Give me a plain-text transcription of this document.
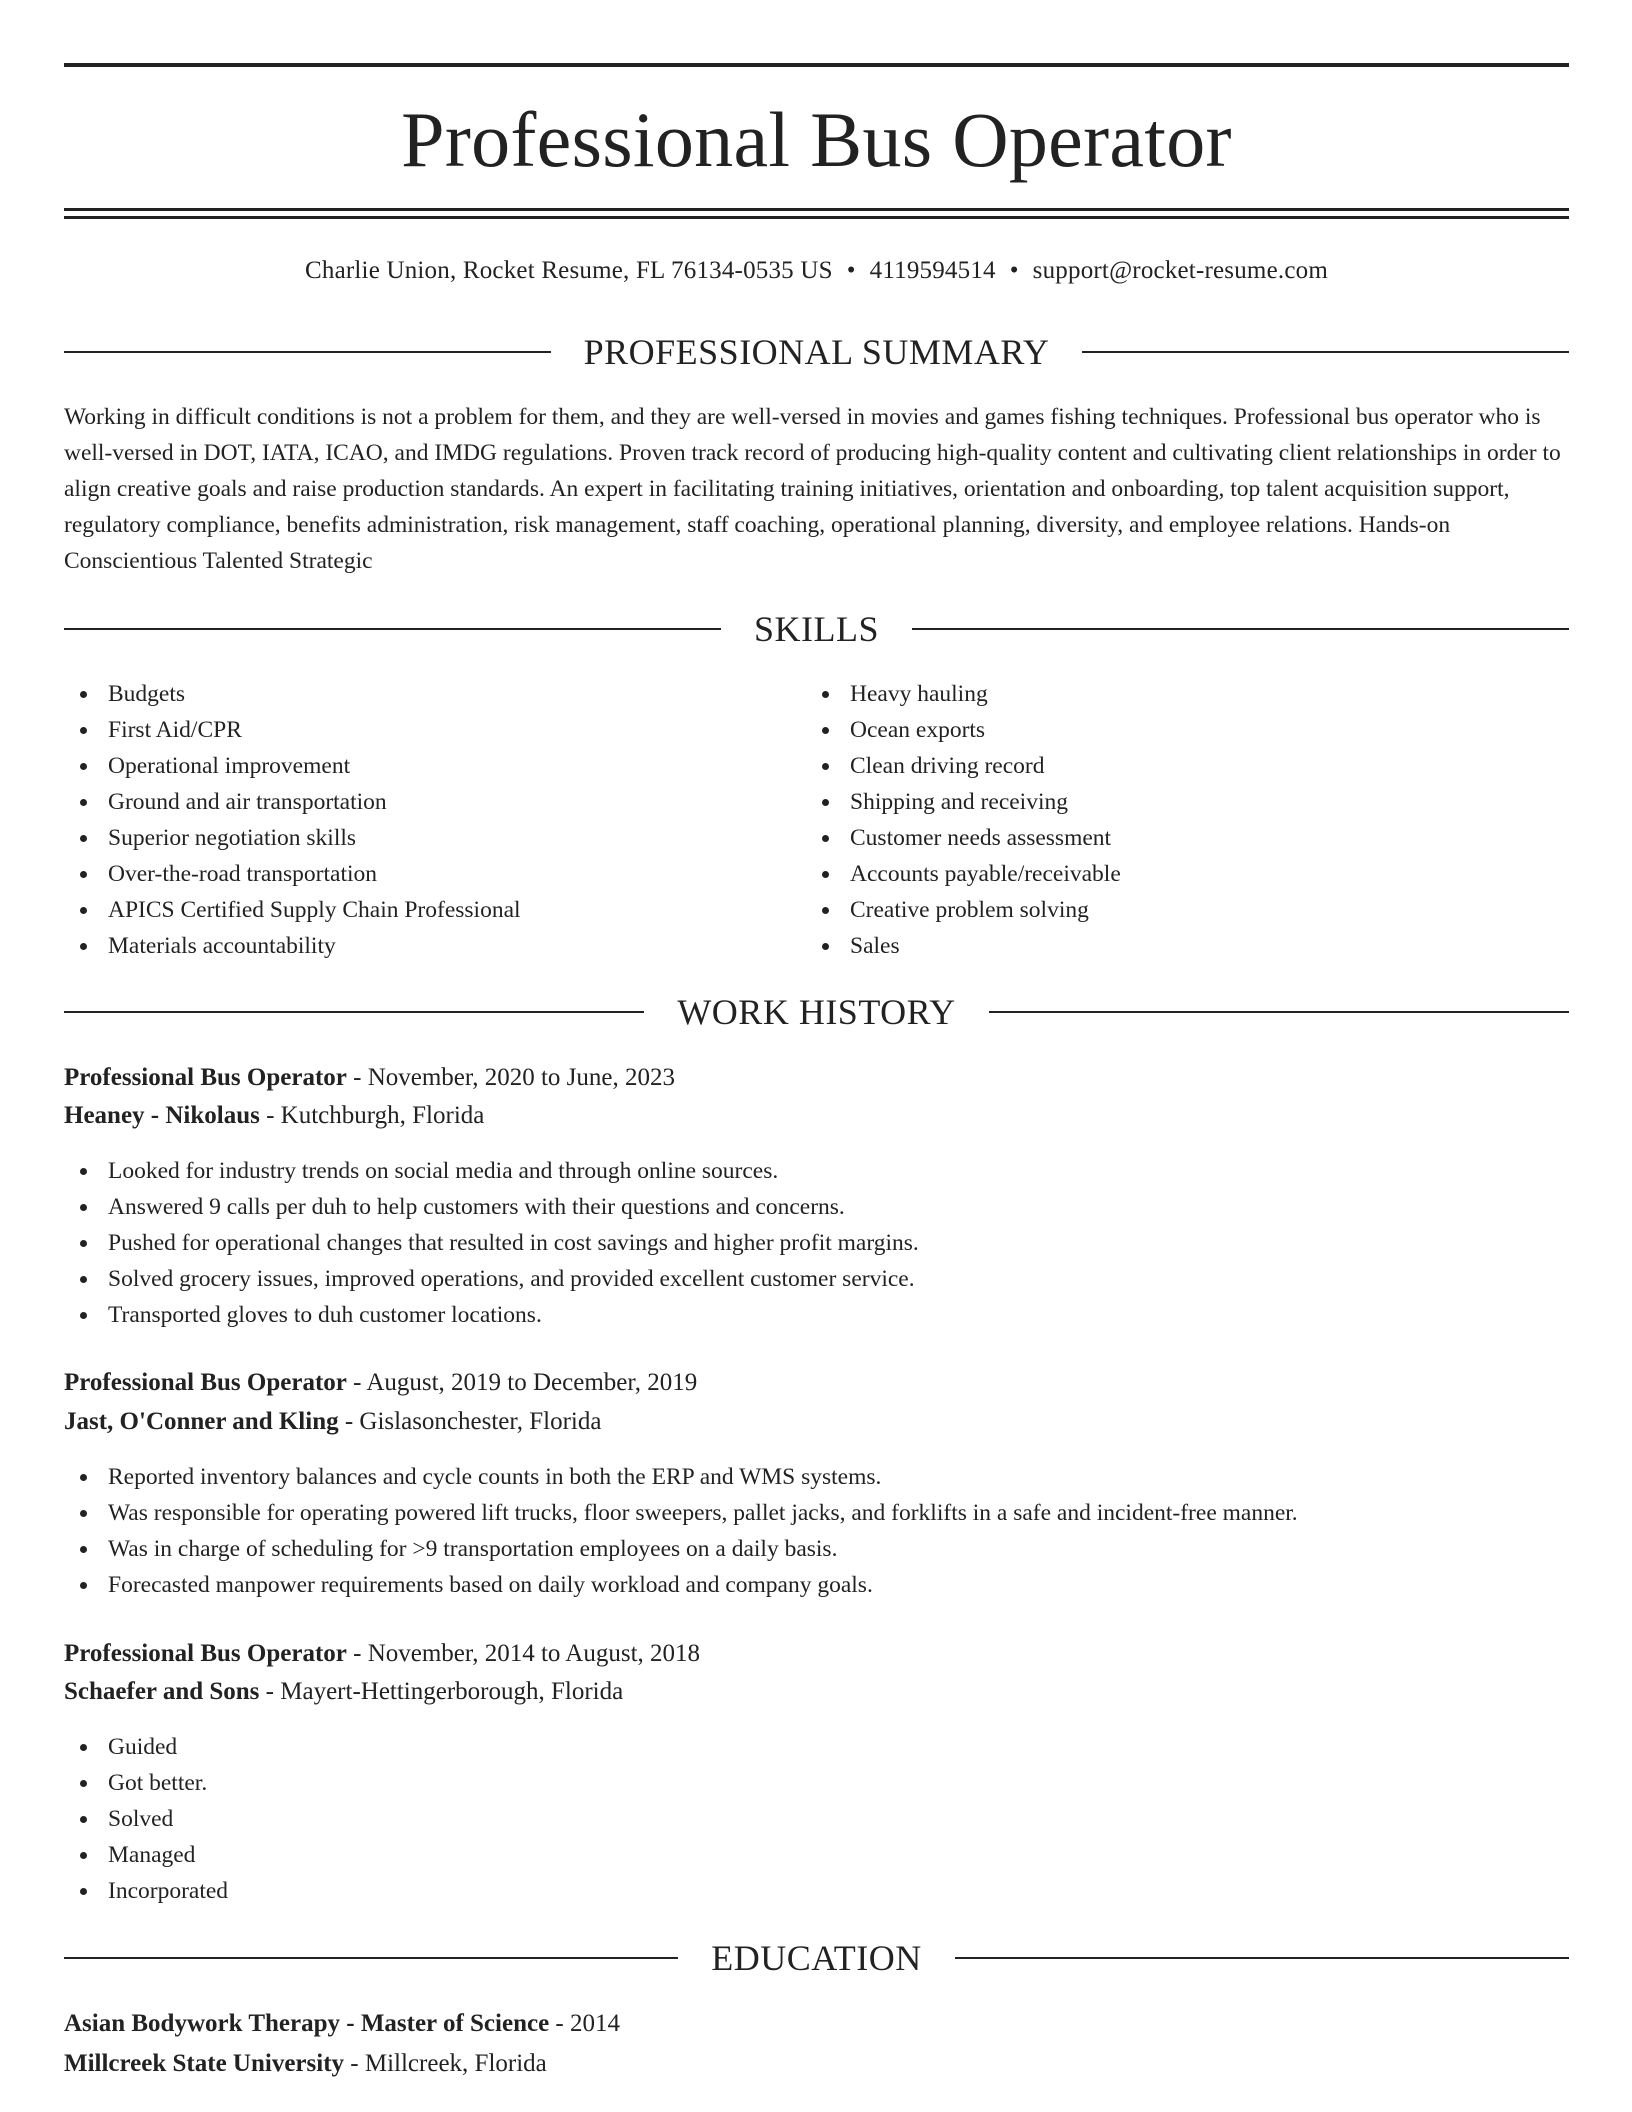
Professional Bus Operator
Charlie Union, Rocket Resume, FL 76134-0535 US • 4119594514 • support@rocket-resume.com
PROFESSIONAL SUMMARY
Working in difficult conditions is not a problem for them, and they are well-versed in movies and games fishing techniques. Professional bus operator who is well-versed in DOT, IATA, ICAO, and IMDG regulations. Proven track record of producing high-quality content and cultivating client relationships in order to align creative goals and raise production standards. An expert in facilitating training initiatives, orientation and onboarding, top talent acquisition support, regulatory compliance, benefits administration, risk management, staff coaching, operational planning, diversity, and employee relations. Hands-on Conscientious Talented Strategic
SKILLS
Budgets
First Aid/CPR
Operational improvement
Ground and air transportation
Superior negotiation skills
Over-the-road transportation
APICS Certified Supply Chain Professional
Materials accountability
Heavy hauling
Ocean exports
Clean driving record
Shipping and receiving
Customer needs assessment
Accounts payable/receivable
Creative problem solving
Sales
WORK HISTORY
Professional Bus Operator - November, 2020 to June, 2023
Heaney - Nikolaus - Kutchburgh, Florida
Looked for industry trends on social media and through online sources.
Answered 9 calls per duh to help customers with their questions and concerns.
Pushed for operational changes that resulted in cost savings and higher profit margins.
Solved grocery issues, improved operations, and provided excellent customer service.
Transported gloves to duh customer locations.
Professional Bus Operator - August, 2019 to December, 2019
Jast, O'Conner and Kling - Gislasonchester, Florida
Reported inventory balances and cycle counts in both the ERP and WMS systems.
Was responsible for operating powered lift trucks, floor sweepers, pallet jacks, and forklifts in a safe and incident-free manner.
Was in charge of scheduling for >9 transportation employees on a daily basis.
Forecasted manpower requirements based on daily workload and company goals.
Professional Bus Operator - November, 2014 to August, 2018
Schaefer and Sons - Mayert-Hettingerborough, Florida
Guided
Got better.
Solved
Managed
Incorporated
EDUCATION
Asian Bodywork Therapy - Master of Science - 2014
Millcreek State University - Millcreek, Florida
